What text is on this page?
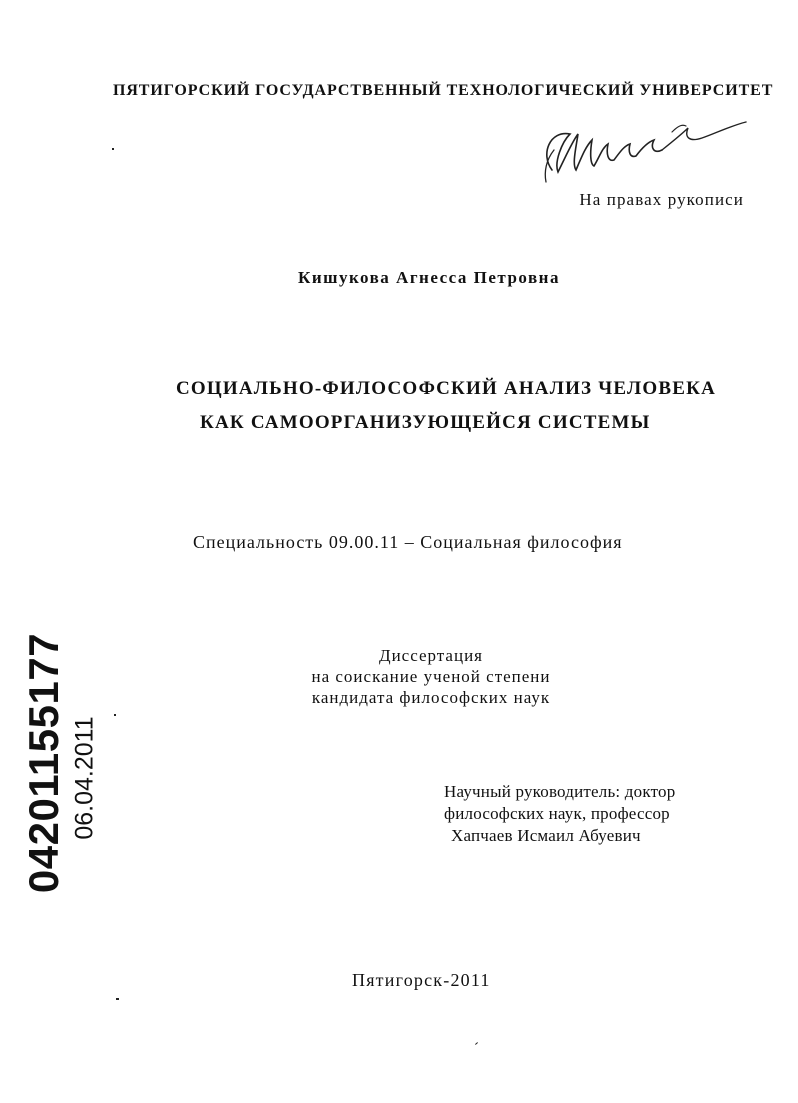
ПЯТИГОРСКИЙ ГОСУДАРСТВЕННЫЙ ТЕХНОЛОГИЧЕСКИЙ УНИВЕРСИТЕТ
На правах рукописи
Кишукова Агнесса Петровна
СОЦИАЛЬНО-ФИЛОСОФСКИЙ АНАЛИЗ ЧЕЛОВЕКА
КАК САМООРГАНИЗУЮЩЕЙСЯ СИСТЕМЫ
Специальность 09.00.11 – Социальная философия
Диссертация
на соискание ученой степени
кандидата философских наук
Научный руководитель: доктор
философских наук, профессор
Хапчаев Исмаил Абуевич
Пятигорск-2011
04201155177 06.04.2011
